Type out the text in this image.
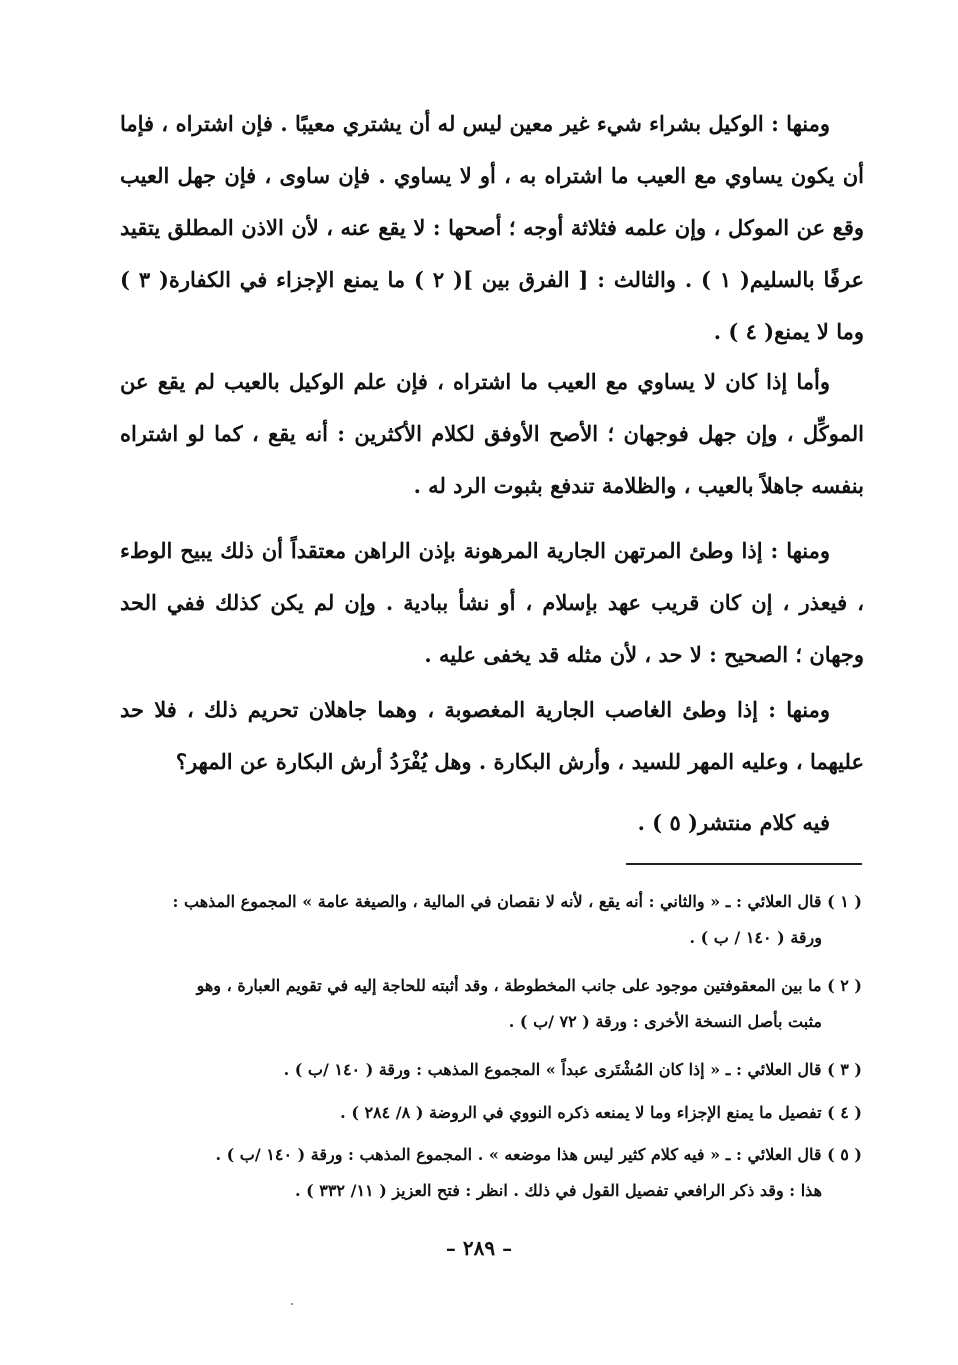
ومنها : الوكيل بشراء شيء غير معين ليس له أن يشتري معيبًا . فإن اشتراه ، فإما أن يكون يساوي مع العيب ما اشتراه به ، أو لا يساوي . فإن ساوى ، فإن جهل العيب وقع عن الموكل ، وإن علمه فثلاثة أوجه ؛ أصحها : لا يقع عنه ، لأن الاذن المطلق يتقيد عرفًا بالسليم( ١ ) . والثالث : [ الفرق بين ]( ٢ ) ما يمنع الإجزاء في الكفارة( ٣ ) وما لا يمنع( ٤ ) .

وأما إذا كان لا يساوي مع العيب ما اشتراه ، فإن علم الوكيل بالعيب لم يقع عن الموكِّل ، وإن جهل فوجهان ؛ الأصح الأوفق لكلام الأكثرين : أنه يقع ، كما لو اشتراه بنفسه جاهلاً بالعيب ، والظلامة تندفع بثبوت الرد له .

ومنها : إذا وطئ المرتهن الجارية المرهونة بإذن الراهن معتقداً أن ذلك يبيح الوطء ، فيعذر ، إن كان قريب عهد بإسلام ، أو نشأ ببادية . وإن لم يكن كذلك ففي الحد وجهان ؛ الصحيح : لا حد ، لأن مثله قد يخفى عليه .

ومنها : إذا وطئ الغاصب الجارية المغصوبة ، وهما جاهلان تحريم ذلك ، فلا حد عليهما ، وعليه المهر للسيد ، وأرش البكارة . وهل يُفْرَدُ أرش البكارة عن المهر؟

فيه كلام منتشر( ٥ ) .

( ١ ) قال العلائي : ـ « والثاني : أنه يقع ، لأنه لا نقصان في المالية ، والصيغة عامة » المجموع المذهب :
ورقة ( ١٤٠ / ب ) .

( ٢ ) ما بين المعقوفتين موجود على جانب المخطوطة ، وقد أثبته للحاجة إليه في تقويم العبارة ، وهو
مثبت بأصل النسخة الأخرى : ورقة ( ٧٢ /ب ) .

( ٣ ) قال العلائي : ـ « إذا كان المُشْتَرى عبداً » المجموع المذهب : ورقة ( ١٤٠ /ب ) .

( ٤ ) تفصيل ما يمنع الإجزاء وما لا يمنعه ذكره النووي في الروضة ( ٨/ ٢٨٤ ) .

( ٥ ) قال العلائي : ـ « فيه كلام كثير ليس هذا موضعه » . المجموع المذهب : ورقة ( ١٤٠ /ب ) .
هذا : وقد ذكر الرافعي تفصيل القول في ذلك . انظر : فتح العزيز ( ١١/ ٣٣٢ ) .

– ٢٨٩ –
